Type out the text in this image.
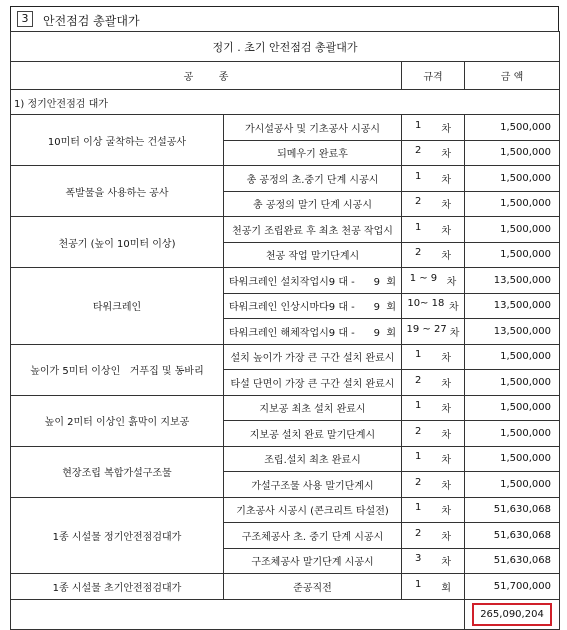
3	안전점검 총괄대가
정기 . 초기 안전점검 총괄대가			
공        종		규격	금 액
1) 정기안전점검 대가			
10미터 이상 굴착하는 건설공사	가시설공사 및 기초공사 시공시	1 차	1,500,000
	되메우기 완료후	2 차	1,500,000
폭발물을 사용하는 공사	총 공정의 초.중기 단계 시공시	1 차	1,500,000
	총 공정의 말기 단계 시공시	2 차	1,500,000
천공기 (높이 10미터 이상)	천공기 조립완료 후 최초 천공 작업시	1 차	1,500,000
	천공 작업 말기단계시	2 차	1,500,000
타워크레인	타워크레인 설치작업시 9 대 - 9  회	1 ~ 9 차	13,500,000

	타워크레인 인상시마다 9 대 - 9  회	10~ 18 차	13,500,000

	타워크레인 해체작업시 9 대 - 9  회	19 ~ 27 차	13,500,000
높이가 5미터 이상인   거푸집 및 동바리	설치 높이가 가장 큰 구간 설치 완료시	1 차	1,500,000
	타설 단면이 가장 큰 구간 설치 완료시	2 차	1,500,000
높이 2미터 이상인 흙막이 지보공	지보공 최초 설치 완료시	1 차	1,500,000
	지보공 설치 완료 말기단계시	2 차	1,500,000
현장조립 복합가설구조물	조립.설치 최초 완료시	1 차	1,500,000
	가설구조물 사용 말기단계시	2 차	1,500,000
1종 시설물 정기안전점검대가	기초공사 시공시 (콘크리트 타설전)	1 차	51,630,068
	구조체공사 초. 중기 단계 시공시	2 차	51,630,068
	구조체공사 말기단계 시공시	3 차	51,630,068
1종 시설물 초기안전점검대가	준공직전	1 회	51,700,000
			265,090,204
